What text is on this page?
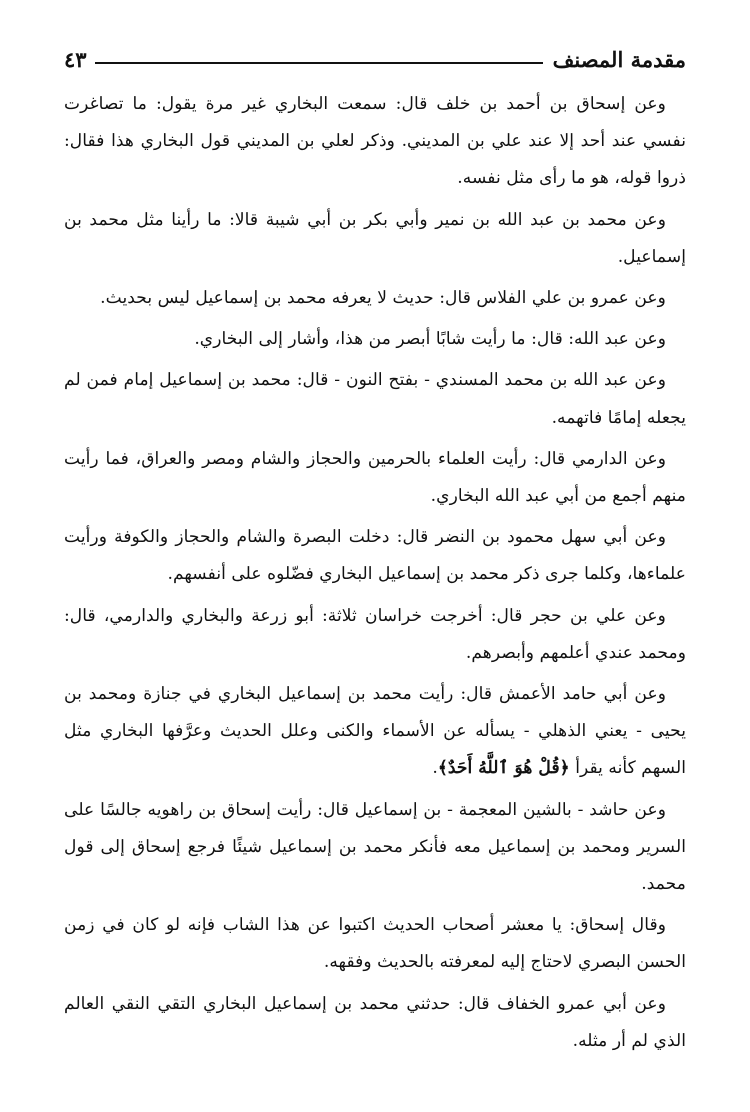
مقدمة المصنف
٤٣

وعن إسحاق بن أحمد بن خلف قال: سمعت البخاري غير مرة يقول: ما تصاغرت نفسي عند أحد إلا عند علي بن المديني. وذكر لعلي بن المديني قول البخاري هذا فقال: ذروا قوله، هو ما رأى مثل نفسه.

وعن محمد بن عبد الله بن نمير وأبي بكر بن أبي شيبة قالا: ما رأينا مثل محمد بن إسماعيل.

وعن عمرو بن علي الفلاس قال: حديث لا يعرفه محمد بن إسماعيل ليس بحديث.

وعن عبد الله: قال: ما رأيت شابًا أبصر من هذا، وأشار إلى البخاري.

وعن عبد الله بن محمد المسندي - بفتح النون - قال: محمد بن إسماعيل إمام فمن لم يجعله إمامًا فاتهمه.

وعن الدارمي قال: رأيت العلماء بالحرمين والحجاز والشام ومصر والعراق، فما رأيت منهم أجمع من أبي عبد الله البخاري.

وعن أبي سهل محمود بن النضر قال: دخلت البصرة والشام والحجاز والكوفة ورأيت علماءها، وكلما جرى ذكر محمد بن إسماعيل البخاري فضّلوه على أنفسهم.

وعن علي بن حجر قال: أخرجت خراسان ثلاثة: أبو زرعة والبخاري والدارمي، قال: ومحمد عندي أعلمهم وأبصرهم.

وعن أبي حامد الأعمش قال: رأيت محمد بن إسماعيل البخاري في جنازة ومحمد بن يحيى - يعني الذهلي - يسأله عن الأسماء والكنى وعلل الحديث وعرَّفها البخاري مثل السهم كأنه يقرأ ﴿قُلْ هُوَ ٱللَّهُ أَحَدٌ﴾.

وعن حاشد - بالشين المعجمة - بن إسماعيل قال: رأيت إسحاق بن راهويه جالسًا على السرير ومحمد بن إسماعيل معه فأنكر محمد بن إسماعيل شيئًا فرجع إسحاق إلى قول محمد.

وقال إسحاق: يا معشر أصحاب الحديث اكتبوا عن هذا الشاب فإنه لو كان في زمن الحسن البصري لاحتاج إليه لمعرفته بالحديث وفقهه.

وعن أبي عمرو الخفاف قال: حدثني محمد بن إسماعيل البخاري التقي النقي العالم الذي لم أر مثله.
